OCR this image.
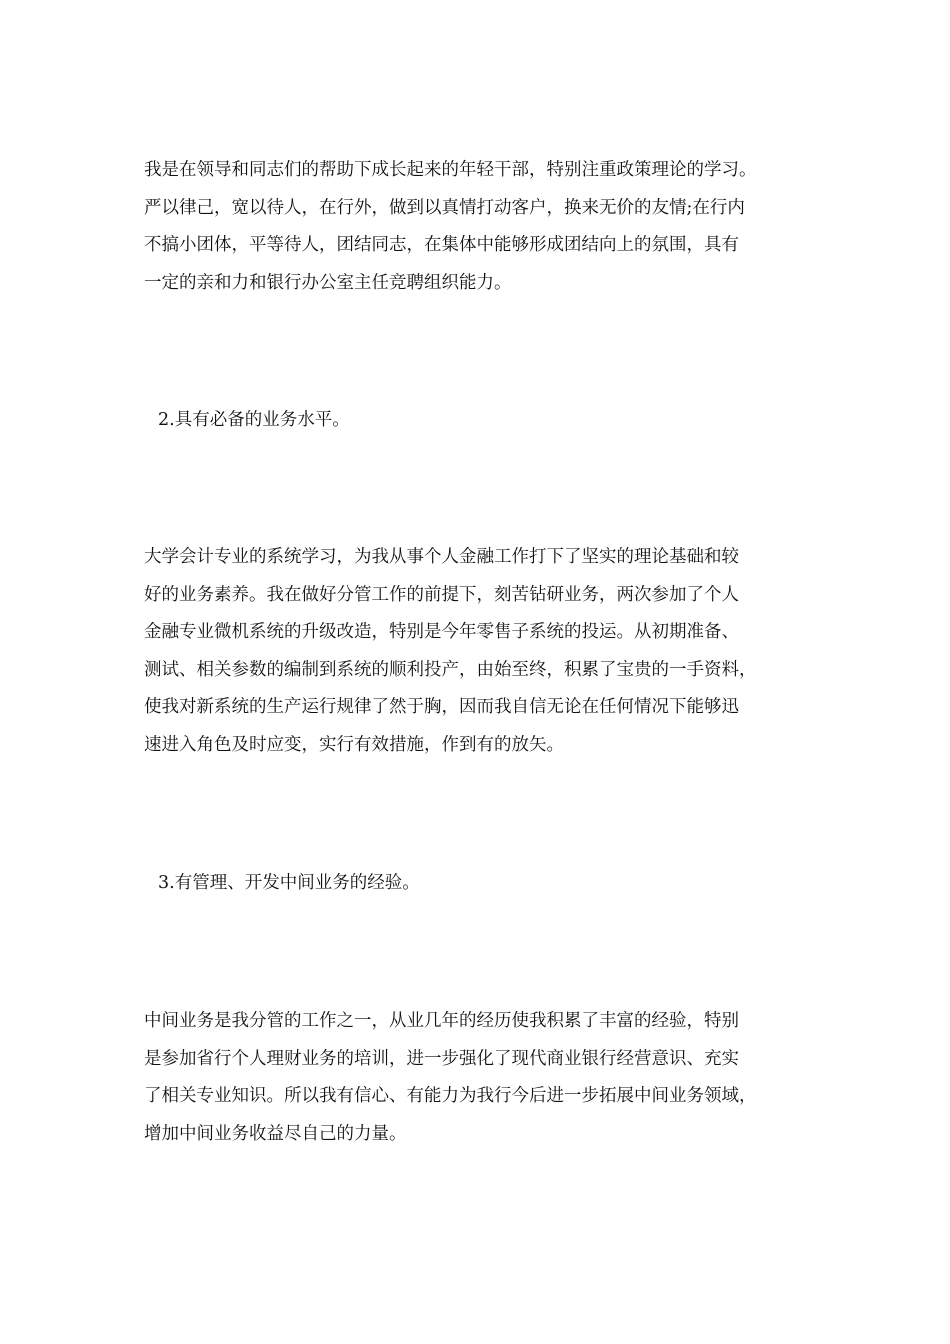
我是在领导和同志们的帮助下成长起来的年轻干部，特别注重政策理论的学习。
严以律己，宽以待人，在行外，做到以真情打动客户，换来无价的友情;在行内
不搞小团体，平等待人，团结同志，在集体中能够形成团结向上的氛围，具有
一定的亲和力和银行办公室主任竞聘组织能力。
2.具有必备的业务水平。
大学会计专业的系统学习，为我从事个人金融工作打下了坚实的理论基础和较
好的业务素养。我在做好分管工作的前提下，刻苦钻研业务，两次参加了个人
金融专业微机系统的升级改造，特别是今年零售子系统的投运。从初期准备、
测试、相关参数的编制到系统的顺利投产，由始至终，积累了宝贵的一手资料，
使我对新系统的生产运行规律了然于胸，因而我自信无论在任何情况下能够迅
速进入角色及时应变，实行有效措施，作到有的放矢。
3.有管理、开发中间业务的经验。
中间业务是我分管的工作之一，从业几年的经历使我积累了丰富的经验，特别
是参加省行个人理财业务的培训，进一步强化了现代商业银行经营意识、充实
了相关专业知识。所以我有信心、有能力为我行今后进一步拓展中间业务领域，
增加中间业务收益尽自己的力量。
